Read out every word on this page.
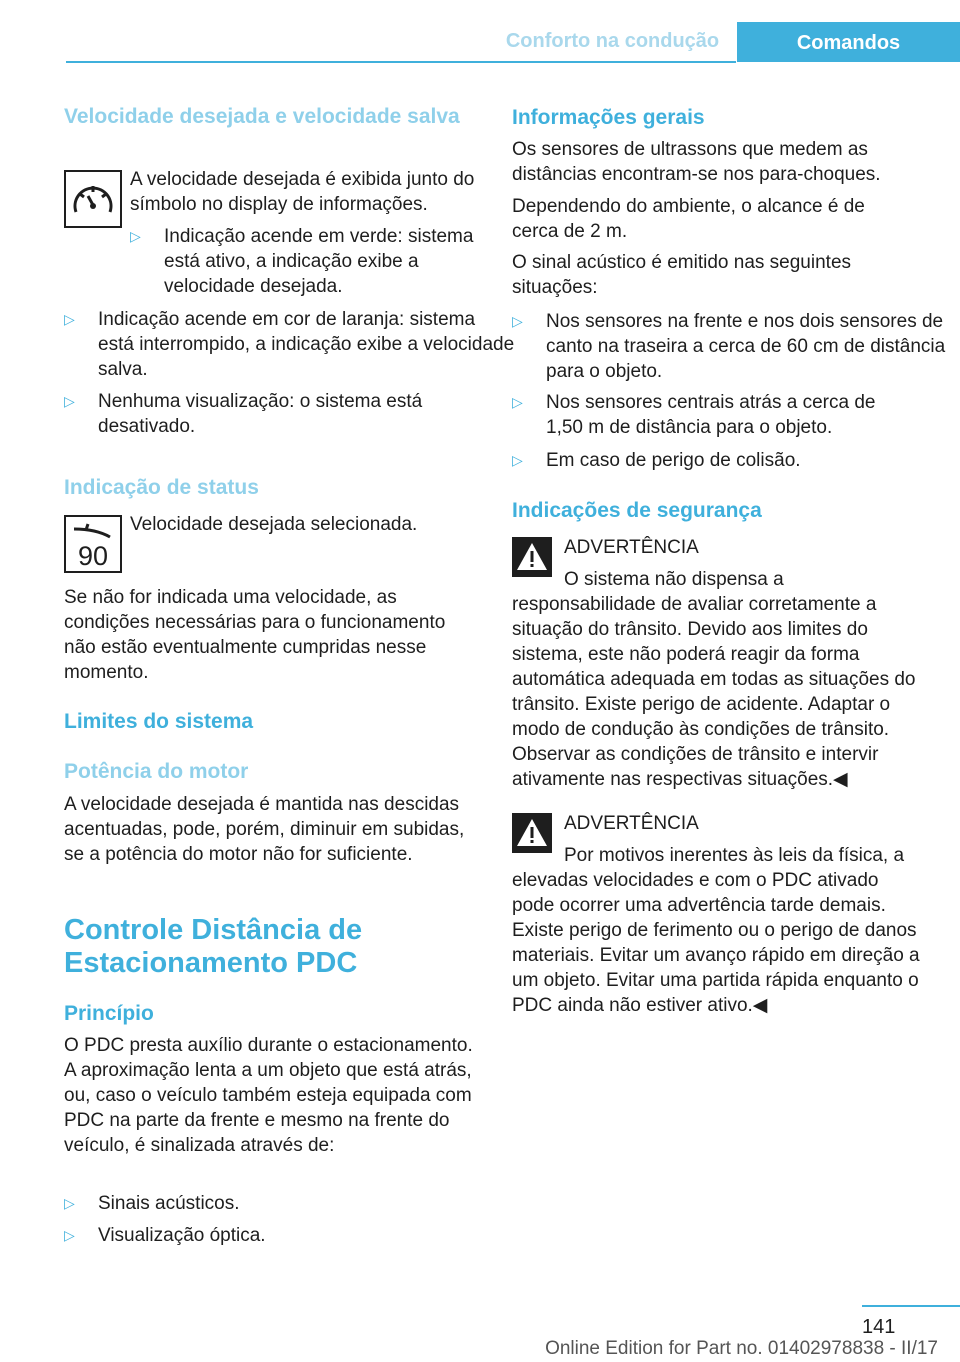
Conforto na condução	Comandos
Velocidade desejada e velocidade salva

A velocidade desejada é exibida junto do símbolo no display de informações.

▷ Indicação acende em verde: sistema está ativo, a indicação exibe a velocidade desejada.
▷ Indicação acende em cor de laranja: sistema está interrompido, a indicação exibe a velocidade salva.
▷ Nenhuma visualização: o sistema está desativado.
Indicação de status
90

Velocidade desejada selecionada.

Se não for indicada uma velocidade, as condições necessárias para o funcionamento não estão eventualmente cumpridas nesse momento.

Limites do sistema
Potência do motor

A velocidade desejada é mantida nas descidas acentuadas, pode, porém, diminuir em subidas, se a potência do motor não for suficiente.

Controle Distância de Estacionamento PDC
Princípio

O PDC presta auxílio durante o estacionamento. A aproximação lenta a um objeto que está atrás, ou, caso o veículo também esteja equipada com PDC na parte da frente e mesmo na frente do veículo, é sinalizada através de:

▷ Sinais acústicos.
▷ Visualização óptica.
Informações gerais

Os sensores de ultrassons que medem as distâncias encontram-se nos para-choques.

Dependendo do ambiente, o alcance é de cerca de 2 m.

O sinal acústico é emitido nas seguintes situações:

▷ Nos sensores na frente e nos dois sensores de canto na traseira a cerca de 60 cm de distância para o objeto.
▷ Nos sensores centrais atrás a cerca de 1,50 m de distância para o objeto.
▷ Em caso de perigo de colisão.
Indicações de segurança

ADVERTÊNCIA

O sistema não dispensa a responsabilidade de avaliar corretamente a situação do trânsito. Devido aos limites do sistema, este não poderá reagir da forma automática adequada em todas as situações do trânsito. Existe perigo de acidente. Adaptar o modo de condução às condições de trânsito. Observar as condições de trânsito e intervir ativamente nas respectivas situações.◀

ADVERTÊNCIA

Por motivos inerentes às leis da física, a elevadas velocidades e com o PDC ativado pode ocorrer uma advertência tarde demais. Existe perigo de ferimento ou o perigo de danos materiais. Evitar um avanço rápido em direção a um objeto. Evitar uma partida rápida enquanto o PDC ainda não estiver ativo.◀

141
Online Edition for Part no. 01402978838 - II/17
